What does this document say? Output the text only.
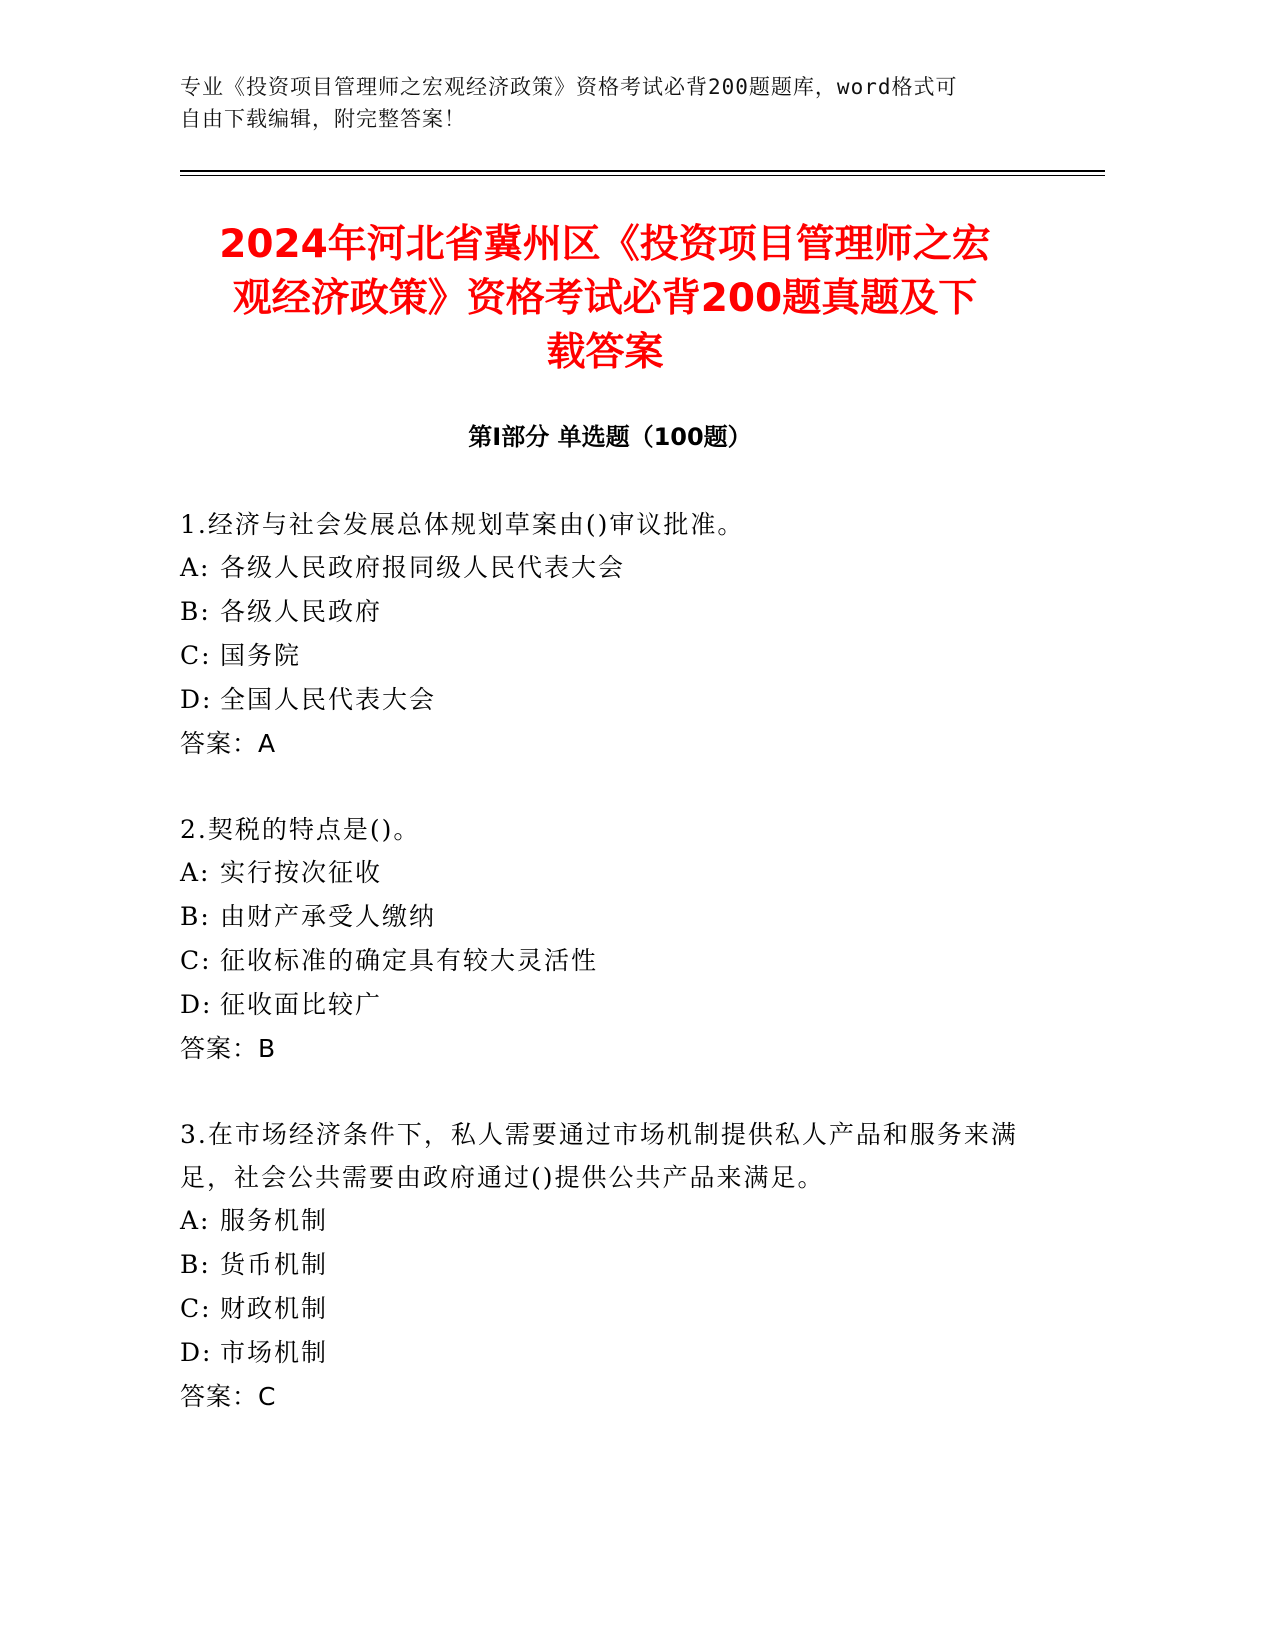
专业《投资项目管理师之宏观经济政策》资格考试必背200题题库，word格式可
自由下载编辑，附完整答案！
2024年河北省冀州区《投资项目管理师之宏
观经济政策》资格考试必背200题真题及下
载答案
第Ⅰ部分 单选题（100题）
1.经济与社会发展总体规划草案由()审议批准。
A: 各级人民政府报同级人民代表大会
B: 各级人民政府
C: 国务院
D: 全国人民代表大会
答案：A
2.契税的特点是()。
A: 实行按次征收
B: 由财产承受人缴纳
C: 征收标准的确定具有较大灵活性
D: 征收面比较广
答案：B
3.在市场经济条件下，私人需要通过市场机制提供私人产品和服务来满足，社会公共需要由政府通过()提供公共产品来满足。
A: 服务机制
B: 货币机制
C: 财政机制
D: 市场机制
答案：C
